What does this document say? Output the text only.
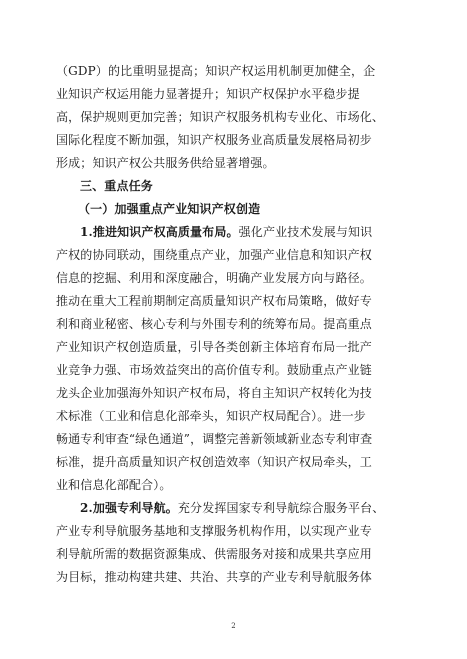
（GDP）的比重明显提高；知识产权运用机制更加健全，企
业知识产权运用能力显著提升；知识产权保护水平稳步提
高，保护规则更加完善；知识产权服务机构专业化、市场化、
国际化程度不断加强，知识产权服务业高质量发展格局初步
形成；知识产权公共服务供给显著增强。
三、重点任务
（一）加强重点产业知识产权创造
1.推进知识产权高质量布局。强化产业技术发展与知识
产权的协同联动，围绕重点产业，加强产业信息和知识产权
信息的挖掘、利用和深度融合，明确产业发展方向与路径。
推动在重大工程前期制定高质量知识产权布局策略，做好专
利和商业秘密、核心专利与外围专利的统筹布局。提高重点
产业知识产权创造质量，引导各类创新主体培育布局一批产
业竞争力强、市场效益突出的高价值专利。鼓励重点产业链
龙头企业加强海外知识产权布局，将自主知识产权转化为技
术标准（工业和信息化部牵头，知识产权局配合）。进一步
畅通专利审查“绿色通道”，调整完善新领域新业态专利审查
标准，提升高质量知识产权创造效率（知识产权局牵头，工
业和信息化部配合）。
2.加强专利导航。充分发挥国家专利导航综合服务平台、
产业专利导航服务基地和支撑服务机构作用，以实现产业专
利导航所需的数据资源集成、供需服务对接和成果共享应用
为目标，推动构建共建、共治、共享的产业专利导航服务体
2
